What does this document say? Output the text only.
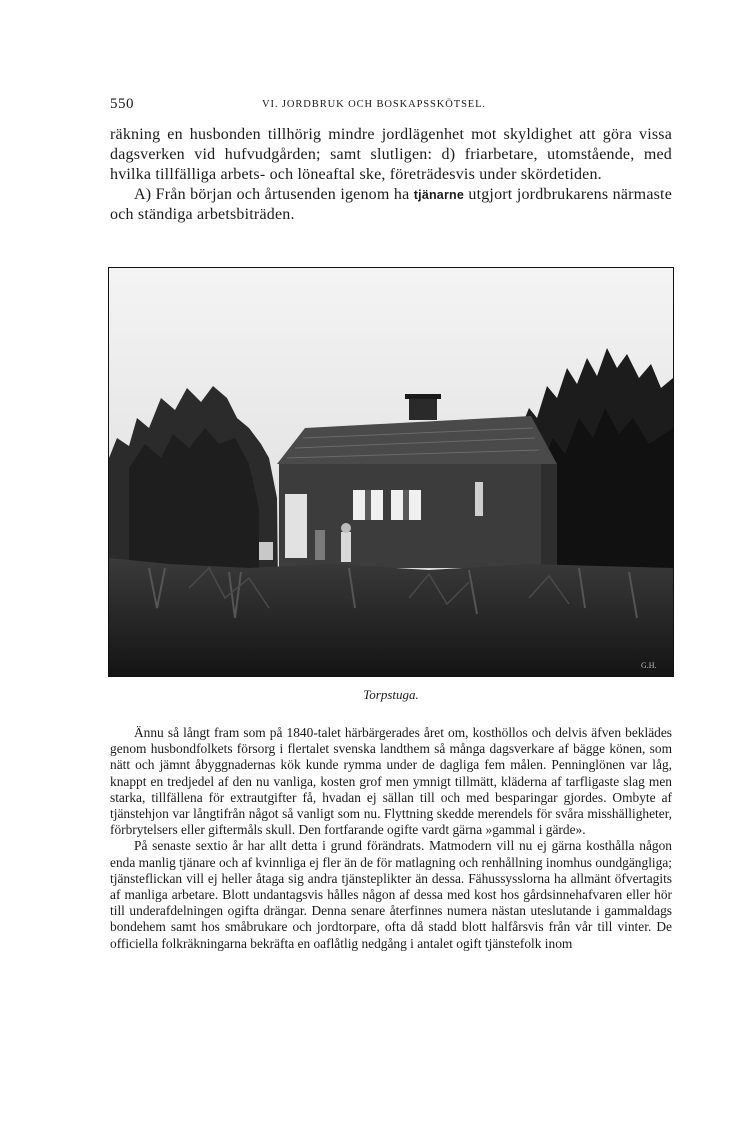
550	VI. JORDBRUK OCH BOSKAPSSKÖTSEL.

räkning en husbonden tillhörig mindre jordlägenhet mot skyldighet att göra vissa dagsverken vid hufvudgården; samt slutligen: d) friarbetare, utomstående, med hvilka tillfälliga arbets- och löneaftal ske, företrädesvis under skördetiden.

A) Från början och årtusenden igenom ha tjänarne utgjort jordbrukarens närmaste och ständiga arbetsbiträden.

G.H.
Torpstuga.

Ännu så långt fram som på 1840-talet härbärgerades året om, kosthöllos och delvis äfven beklädes genom husbondfolkets försorg i flertalet svenska landthem så många dagsverkare af bägge könen, som nätt och jämnt åbyggnadernas kök kunde rymma under de dagliga fem målen. Penninglönen var låg, knappt en tredjedel af den nu vanliga, kosten grof men ymnigt tillmätt, kläderna af tarfligaste slag men starka, tillfällena för extrautgifter få, hvadan ej sällan till och med besparingar gjordes. Ombyte af tjänstehjon var långtifrån något så vanligt som nu. Flyttning skedde merendels för svåra misshälligheter, förbrytelsers eller giftermåls skull. Den fortfarande ogifte vardt gärna »gammal i gärde».

På senaste sextio år har allt detta i grund förändrats. Matmodern vill nu ej gärna kosthålla någon enda manlig tjänare och af kvinnliga ej fler än de för matlagning och renhållning inomhus oundgängliga; tjänsteflickan vill ej heller åtaga sig andra tjänsteplikter än dessa. Fähussysslorna ha allmänt öfvertagits af manliga arbetare. Blott undantagsvis hålles någon af dessa med kost hos gårdsinnehafvaren eller hör till underafdelningen ogifta drängar. Denna senare återfinnes numera nästan uteslutande i gammaldags bondehem samt hos småbrukare och jordtorpare, ofta då stadd blott halfårsvis från vår till vinter. De officiella folkräkningarna bekräfta en oaflåtlig nedgång i antalet ogift tjänstefolk inom
